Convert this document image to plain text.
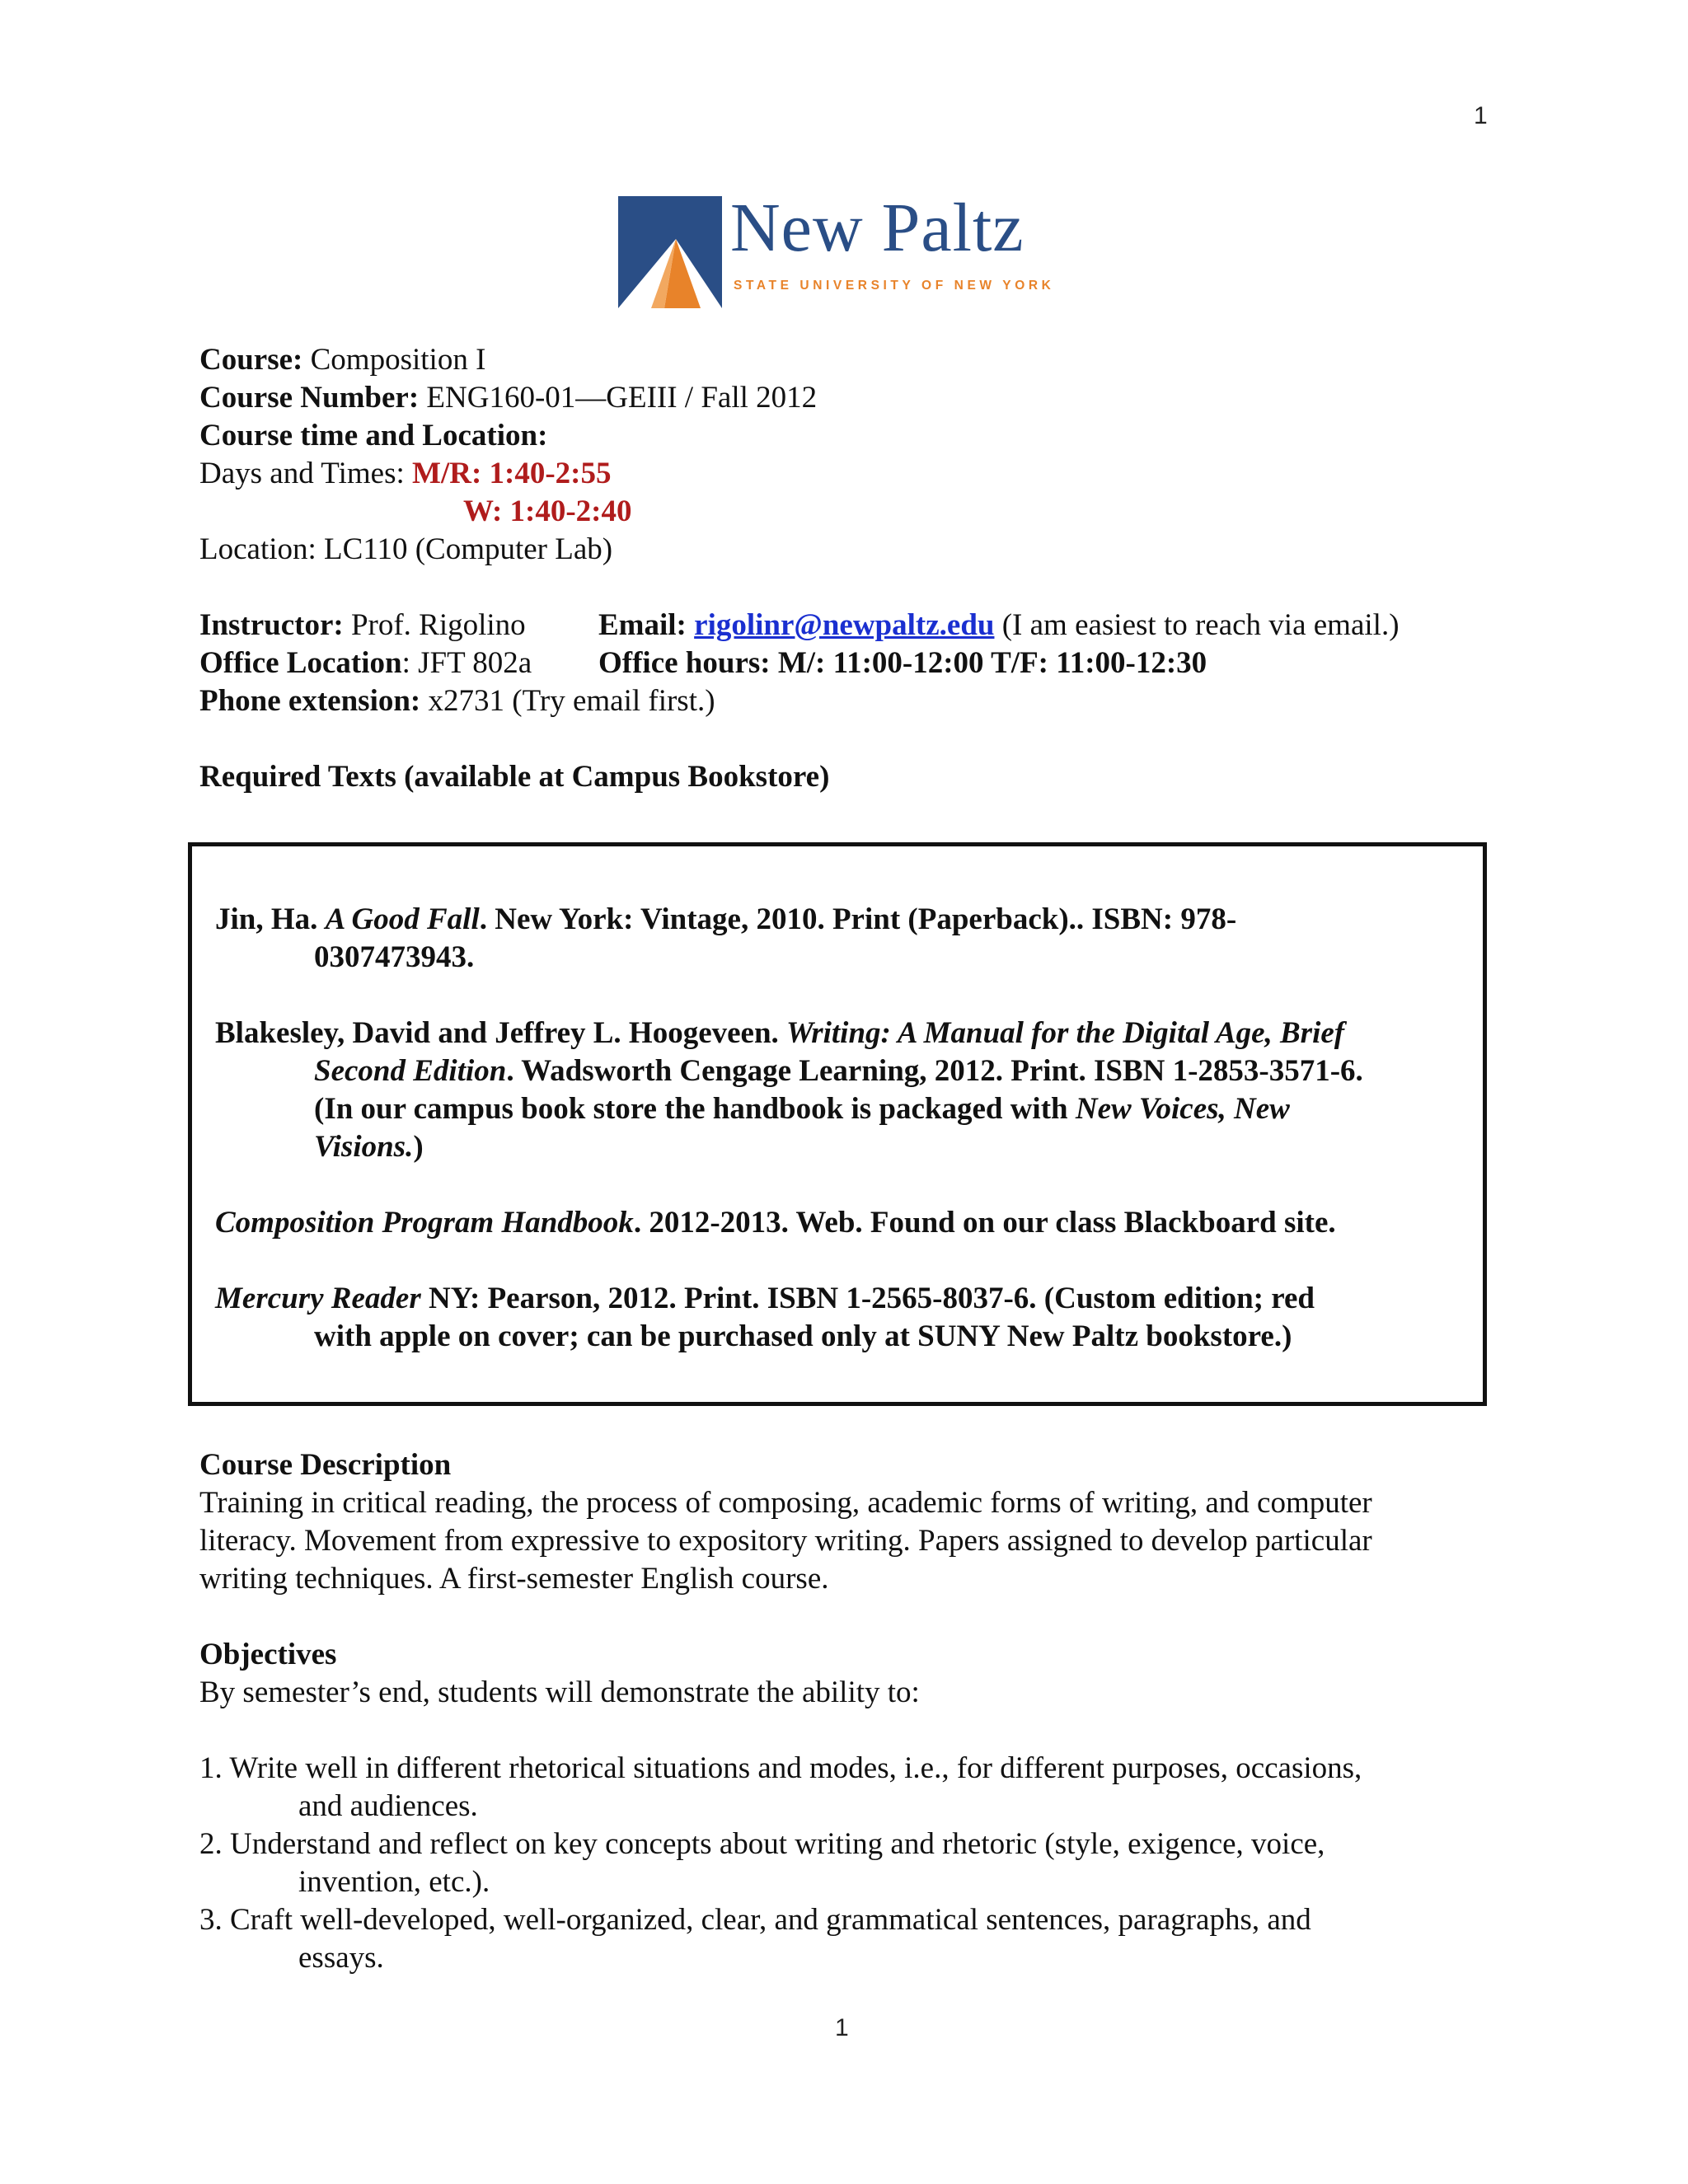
1
New Paltz
STATE UNIVERSITY OF NEW YORK
Course: Composition I
Course Number: ENG160-01—GEIII / Fall 2012
Course time and Location:
Days and Times: M/R: 1:40-2:55
W: 1:40-2:40
Location: LC110 (Computer Lab)
Instructor: Prof. Rigolino Email: rigolinr@newpaltz.edu (I am easiest to reach via email.)
Office Location: JFT 802a Office hours: M/: 11:00-12:00 T/F: 11:00-12:30
Phone extension: x2731 (Try email first.)
Required Texts (available at Campus Bookstore)
Jin, Ha. A Good Fall. New York: Vintage, 2010. Print (Paperback).. ISBN: 978-
0307473943.
Blakesley, David and Jeffrey L. Hoogeveen. Writing: A Manual for the Digital Age, Brief
Second Edition. Wadsworth Cengage Learning, 2012. Print. ISBN 1-2853-3571-6.
(In our campus book store the handbook is packaged with New Voices, New
Visions.)
Composition Program Handbook. 2012-2013. Web. Found on our class Blackboard site.
Mercury Reader NY: Pearson, 2012. Print. ISBN 1-2565-8037-6. (Custom edition; red
with apple on cover; can be purchased only at SUNY New Paltz bookstore.)
Course Description
Training in critical reading, the process of composing, academic forms of writing, and computer
literacy. Movement from expressive to expository writing. Papers assigned to develop particular
writing techniques. A first-semester English course.
Objectives
By semester’s end, students will demonstrate the ability to:
1. Write well in different rhetorical situations and modes, i.e., for different purposes, occasions,
and audiences.
2. Understand and reflect on key concepts about writing and rhetoric (style, exigence, voice,
invention, etc.).
3. Craft well-developed, well-organized, clear, and grammatical sentences, paragraphs, and
essays.
1
